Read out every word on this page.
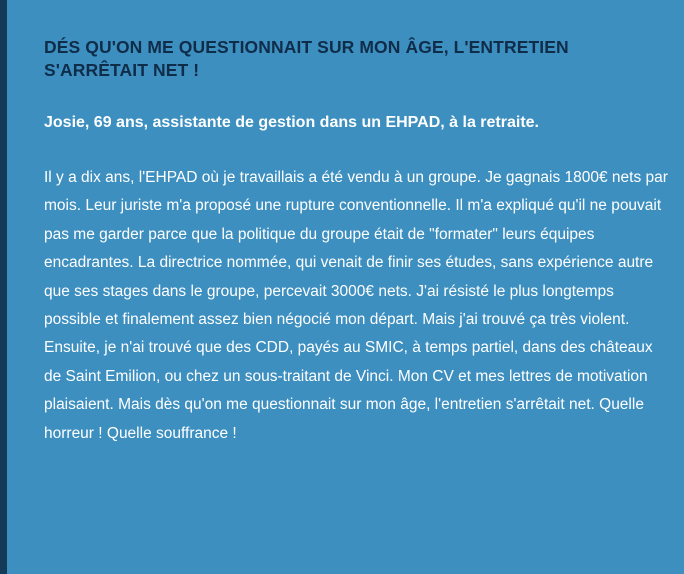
DÉS QU'ON ME QUESTIONNAIT SUR MON ÂGE, L'ENTRETIEN S'ARRÊTAIT NET !

Josie, 69 ans, assistante de gestion dans un EHPAD, à la retraite.

Il y a dix ans, l'EHPAD où je travaillais a été vendu à un groupe. Je gagnais 1800€ nets par mois. Leur juriste m'a proposé une rupture conventionnelle. Il m'a expliqué qu'il ne pouvait pas me garder parce que la politique du groupe était de "formater" leurs équipes encadrantes. La directrice nommée, qui venait de finir ses études, sans expérience autre que ses stages dans le groupe, percevait 3000€ nets. J'ai résisté le plus longtemps possible et finalement assez bien négocié mon départ. Mais j'ai trouvé ça très violent. Ensuite, je n'ai trouvé que des CDD, payés au SMIC, à temps partiel, dans des châteaux de Saint Emilion, ou chez un sous-traitant de Vinci. Mon CV et mes lettres de motivation plaisaient. Mais dès qu'on me questionnait sur mon âge, l'entretien s'arrêtait net. Quelle horreur ! Quelle souffrance !
